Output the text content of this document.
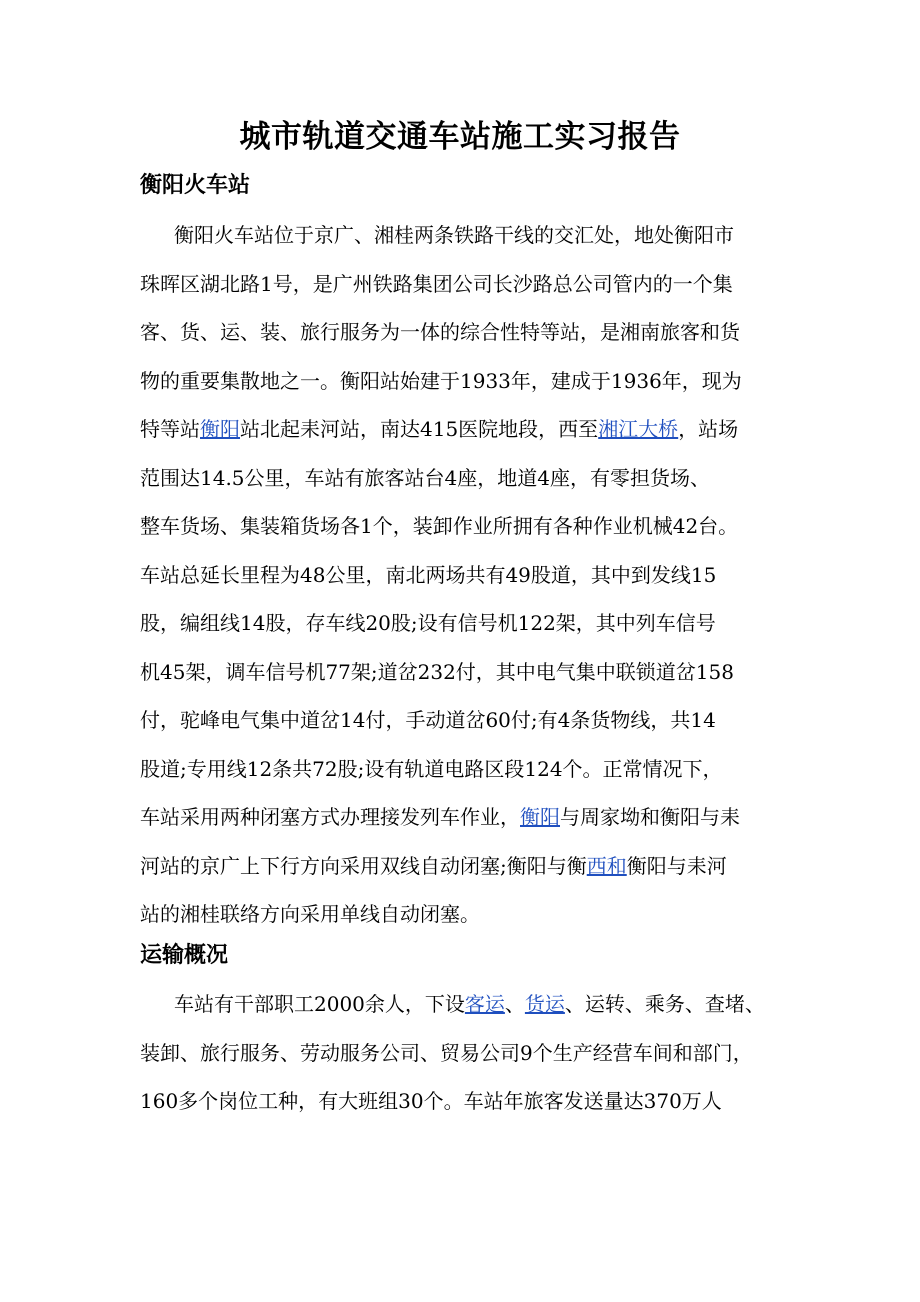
城市轨道交通车站施工实习报告
衡阳火车站
衡阳火车站位于京广、湘桂两条铁路干线的交汇处，地处衡阳市
珠晖区湖北路1号，是广州铁路集团公司长沙路总公司管内的一个集
客、货、运、装、旅行服务为一体的综合性特等站，是湘南旅客和货
物的重要集散地之一。衡阳站始建于1933年，建成于1936年，现为
特等站衡阳站北起耒河站，南达415医院地段，西至湘江大桥，站场
范围达14.5公里，车站有旅客站台4座，地道4座，有零担货场、
整车货场、集装箱货场各1个，装卸作业所拥有各种作业机械42台。
车站总延长里程为48公里，南北两场共有49股道，其中到发线15
股，编组线14股，存车线20股;设有信号机122架，其中列车信号
机45架，调车信号机77架;道岔232付，其中电气集中联锁道岔158
付，驼峰电气集中道岔14付，手动道岔60付;有4条货物线，共14
股道;专用线12条共72股;设有轨道电路区段124个。正常情况下，
车站采用两种闭塞方式办理接发列车作业，衡阳与周家坳和衡阳与耒
河站的京广上下行方向采用双线自动闭塞;衡阳与衡西和衡阳与耒河
站的湘桂联络方向采用单线自动闭塞。
运输概况
车站有干部职工2000余人，下设客运、货运、运转、乘务、查堵、
装卸、旅行服务、劳动服务公司、贸易公司9个生产经营车间和部门，
160多个岗位工种，有大班组30个。车站年旅客发送量达370万人
